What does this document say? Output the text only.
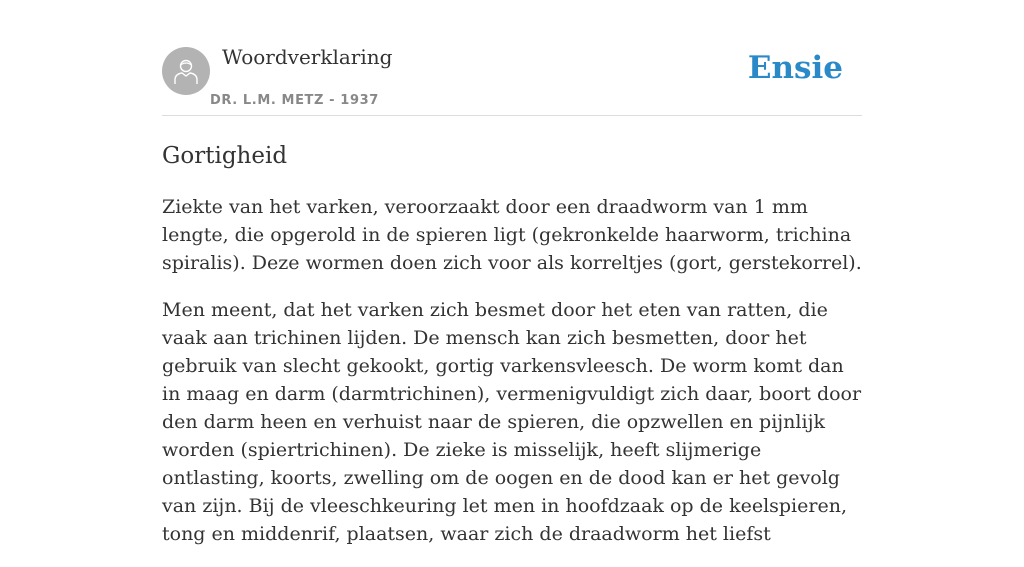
Woordverklaring
DR. L.M. METZ - 1937
Ensie
Gortigheid

Ziekte van het varken, veroorzaakt door een draadworm van 1 mm lengte, die opgerold in de spieren ligt (gekronkelde haarworm, trichina spiralis). Deze wormen doen zich voor als korreltjes (gort, gerstekorrel).

Men meent, dat het varken zich besmet door het eten van ratten, die vaak aan trichinen lijden. De mensch kan zich besmetten, door het gebruik van slecht gekookt, gortig varkensvleesch. De worm komt dan in maag en darm (darmtrichinen), vermenigvuldigt zich daar, boort door den darm heen en verhuist naar de spieren, die opzwellen en pijnlijk worden (spiertrichinen). De zieke is misselijk, heeft slijmerige ontlasting, koorts, zwelling om de oogen en de dood kan er het gevolg van zijn. Bij de vleeschkeuring let men in hoofdzaak op de keelspieren, tong en middenrif, plaatsen, waar zich de draadworm het liefst
